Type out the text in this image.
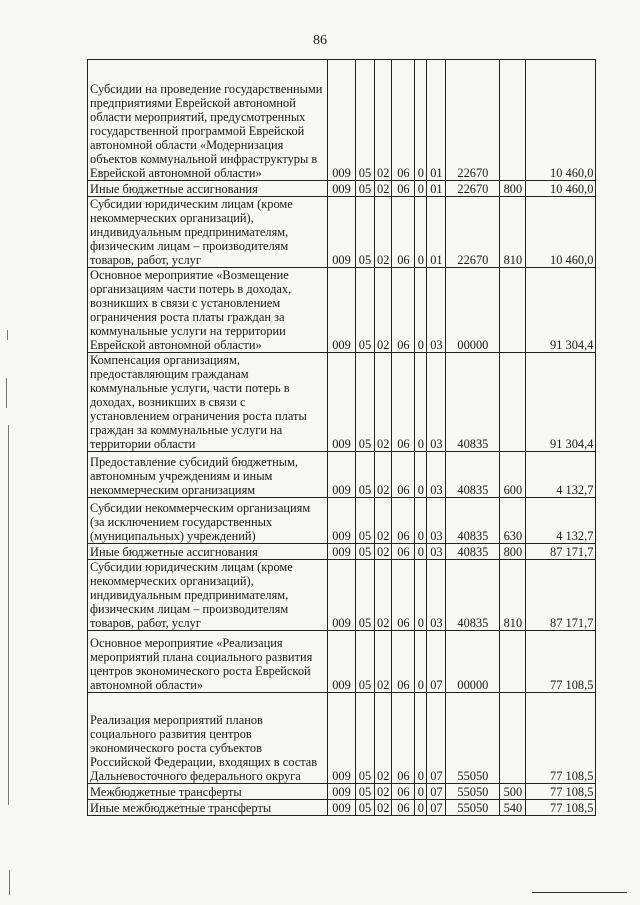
86
Субсидии на проведение государственными предприятиями Еврейской автономной области мероприятий, предусмотренных государственной программой Еврейской автономной области «Модернизация объектов коммунальной инфраструктуры в Еврейской автономной области»	009	05	02	06	0	01	22670		10 460,0
Иные бюджетные ассигнования	009	05	02	06	0	01	22670	800	10 460,0
Субсидии юридическим лицам (кроме некоммерческих организаций), индивидуальным предпринимателям, физическим лицам – производителям товаров, работ, услуг	009	05	02	06	0	01	22670	810	10 460,0
Основное мероприятие «Возмещение организациям части потерь в доходах, возникших в связи с установлением ограничения роста платы граждан за коммунальные услуги на территории Еврейской автономной области»	009	05	02	06	0	03	00000		91 304,4
Компенсация организациям, предоставляющим гражданам коммунальные услуги, части потерь в доходах, возникших в связи с установлением ограничения роста платы граждан за коммунальные услуги на территории области	009	05	02	06	0	03	40835		91 304,4
Предоставление субсидий бюджетным, автономным учреждениям и иным некоммерческим организациям	009	05	02	06	0	03	40835	600	4 132,7
Субсидии некоммерческим организациям (за исключением государственных (муниципальных) учреждений)	009	05	02	06	0	03	40835	630	4 132,7
Иные бюджетные ассигнования	009	05	02	06	0	03	40835	800	87 171,7
Субсидии юридическим лицам (кроме некоммерческих организаций), индивидуальным предпринимателям, физическим лицам – производителям товаров, работ, услуг	009	05	02	06	0	03	40835	810	87 171,7
Основное мероприятие «Реализация мероприятий плана социального развития центров экономического роста Еврейской автономной области»	009	05	02	06	0	07	00000		77 108,5
Реализация мероприятий планов социального развития центров экономического роста субъектов Российской Федерации, входящих в состав Дальневосточного федерального округа	009	05	02	06	0	07	55050		77 108,5
Межбюджетные трансферты	009	05	02	06	0	07	55050	500	77 108,5
Иные межбюджетные трансферты	009	05	02	06	0	07	55050	540	77 108,5
